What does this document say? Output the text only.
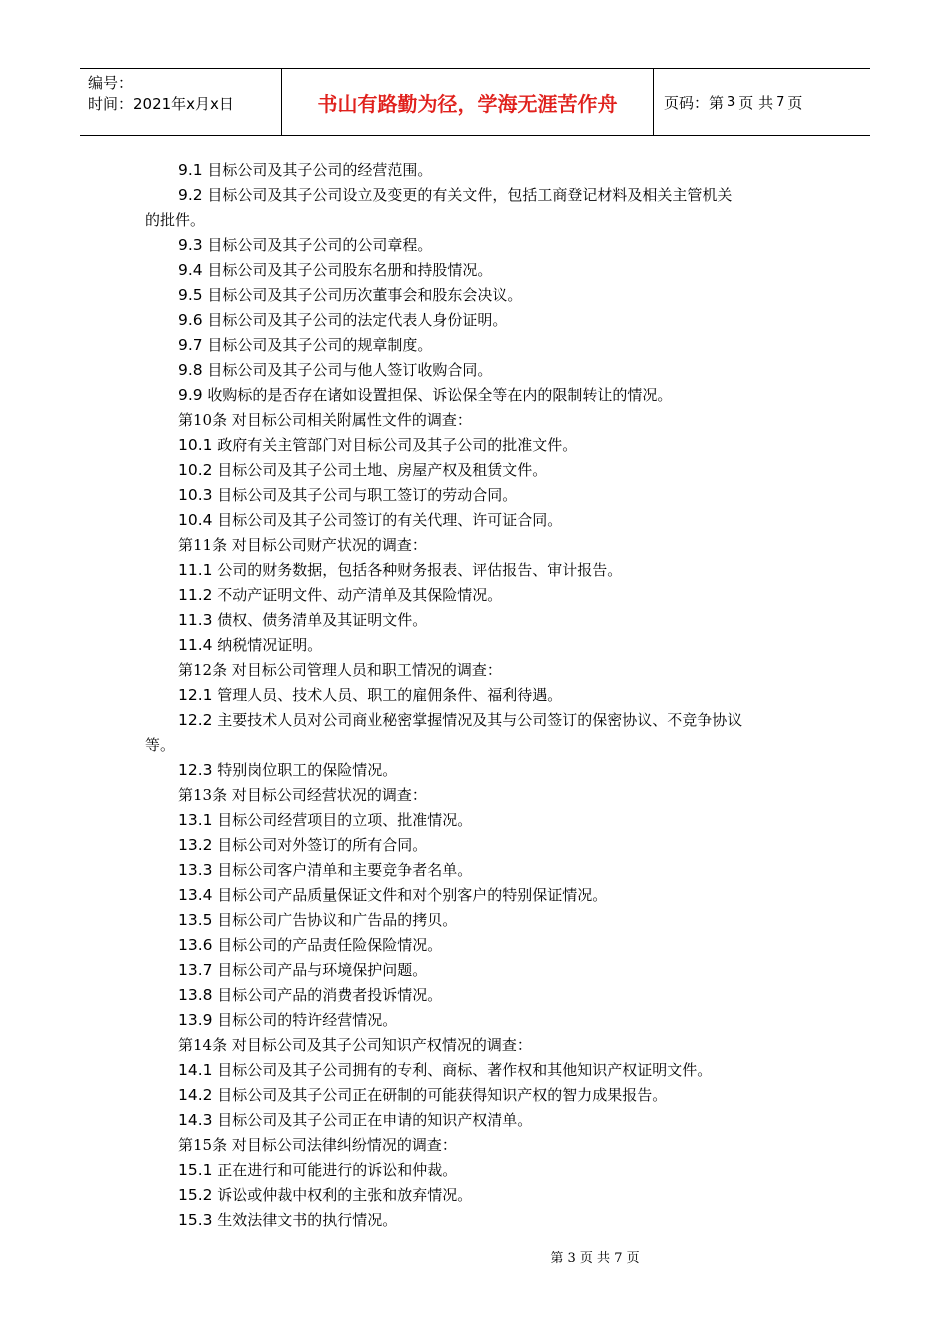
编号：
时间：2021年x月x日	书山有路勤为径，学海无涯苦作舟	页码：第 3 页 共 7 页
9.1 目标公司及其子公司的经营范围。
9.2 目标公司及其子公司设立及变更的有关文件，包括工商登记材料及相关主管机关
的批件。
9.3 目标公司及其子公司的公司章程。
9.4 目标公司及其子公司股东名册和持股情况。
9.5 目标公司及其子公司历次董事会和股东会决议。
9.6 目标公司及其子公司的法定代表人身份证明。
9.7 目标公司及其子公司的规章制度。
9.8 目标公司及其子公司与他人签订收购合同。
9.9 收购标的是否存在诸如设置担保、诉讼保全等在内的限制转让的情况。
第10条 对目标公司相关附属性文件的调查：
10.1 政府有关主管部门对目标公司及其子公司的批准文件。
10.2 目标公司及其子公司土地、房屋产权及租赁文件。
10.3 目标公司及其子公司与职工签订的劳动合同。
10.4 目标公司及其子公司签订的有关代理、许可证合同。
第11条 对目标公司财产状况的调查：
11.1 公司的财务数据，包括各种财务报表、评估报告、审计报告。
11.2 不动产证明文件、动产清单及其保险情况。
11.3 债权、债务清单及其证明文件。
11.4 纳税情况证明。
第12条 对目标公司管理人员和职工情况的调查：
12.1 管理人员、技术人员、职工的雇佣条件、福利待遇。
12.2 主要技术人员对公司商业秘密掌握情况及其与公司签订的保密协议、不竞争协议
等。
12.3 特别岗位职工的保险情况。
第13条 对目标公司经营状况的调查：
13.1 目标公司经营项目的立项、批准情况。
13.2 目标公司对外签订的所有合同。
13.3 目标公司客户清单和主要竞争者名单。
13.4 目标公司产品质量保证文件和对个别客户的特别保证情况。
13.5 目标公司广告协议和广告品的拷贝。
13.6 目标公司的产品责任险保险情况。
13.7 目标公司产品与环境保护问题。
13.8 目标公司产品的消费者投诉情况。
13.9 目标公司的特许经营情况。
第14条 对目标公司及其子公司知识产权情况的调查：
14.1 目标公司及其子公司拥有的专利、商标、著作权和其他知识产权证明文件。
14.2 目标公司及其子公司正在研制的可能获得知识产权的智力成果报告。
14.3 目标公司及其子公司正在申请的知识产权清单。
第15条 对目标公司法律纠纷情况的调查：
15.1 正在进行和可能进行的诉讼和仲裁。
15.2 诉讼或仲裁中权利的主张和放弃情况。
15.3 生效法律文书的执行情况。
第 3 页 共 7 页
